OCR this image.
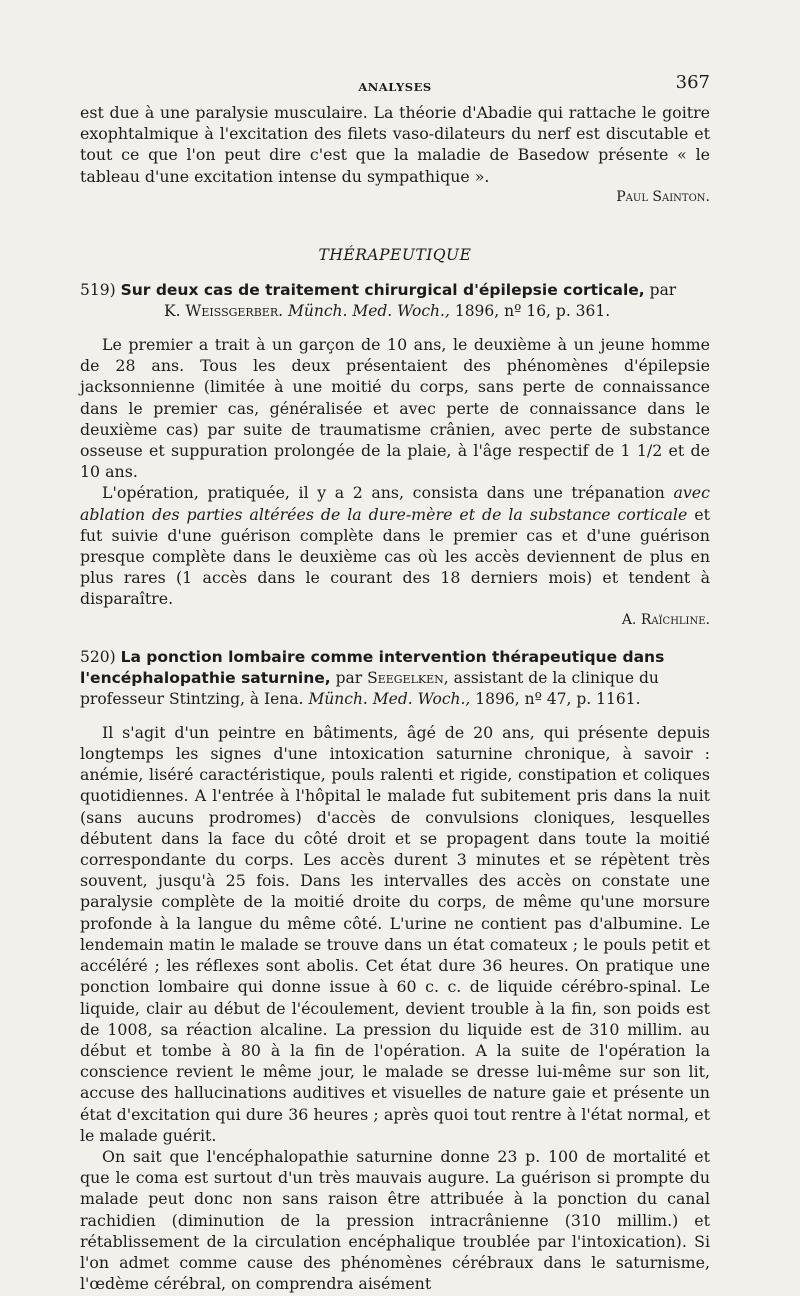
ANALYSES	367

est due à une paralysie musculaire. La théorie d'Abadie qui rattache le goitre exophtalmique à l'excitation des filets vaso-dilateurs du nerf est discutable et tout ce que l'on peut dire c'est que la maladie de Basedow présente « le tableau d'une excitation intense du sympathique ».
Paul Sainton.

THÉRAPEUTIQUE
519) Sur deux cas de traitement chirurgical d'épilepsie corticale, par
K. Weissgerber. Münch. Med. Woch., 1896, nº 16, p. 361.

Le premier a trait à un garçon de 10 ans, le deuxième à un jeune homme de 28 ans. Tous les deux présentaient des phénomènes d'épilepsie jacksonnienne (limitée à une moitié du corps, sans perte de connaissance dans le premier cas, généralisée et avec perte de connaissance dans le deuxième cas) par suite de traumatisme crânien, avec perte de substance osseuse et suppuration prolongée de la plaie, à l'âge respectif de 1 1/2 et de 10 ans.

L'opération, pratiquée, il y a 2 ans, consista dans une trépanation avec ablation des parties altérées de la dure-mère et de la substance corticale et fut suivie d'une guérison complète dans le premier cas et d'une guérison presque complète dans le deuxième cas où les accès deviennent de plus en plus rares (1 accès dans le courant des 18 derniers mois) et tendent à disparaître.
A. Raïchline.

520) La ponction lombaire comme intervention thérapeutique dans l'encéphalopathie saturnine, par Seegelken, assistant de la clinique du professeur Stintzing, à Iena. Münch. Med. Woch., 1896, nº 47, p. 1161.

Il s'agit d'un peintre en bâtiments, âgé de 20 ans, qui présente depuis longtemps les signes d'une intoxication saturnine chronique, à savoir : anémie, liséré caractéristique, pouls ralenti et rigide, constipation et coliques quotidiennes. A l'entrée à l'hôpital le malade fut subitement pris dans la nuit (sans aucuns prodromes) d'accès de convulsions cloniques, lesquelles débutent dans la face du côté droit et se propagent dans toute la moitié correspondante du corps. Les accès durent 3 minutes et se répètent très souvent, jusqu'à 25 fois. Dans les intervalles des accès on constate une paralysie complète de la moitié droite du corps, de même qu'une morsure profonde à la langue du même côté. L'urine ne contient pas d'albumine. Le lendemain matin le malade se trouve dans un état comateux ; le pouls petit et accéléré ; les réflexes sont abolis. Cet état dure 36 heures. On pratique une ponction lombaire qui donne issue à 60 c. c. de liquide cérébro-spinal. Le liquide, clair au début de l'écoulement, devient trouble à la fin, son poids est de 1008, sa réaction alcaline. La pression du liquide est de 310 millim. au début et tombe à 80 à la fin de l'opération. A la suite de l'opération la conscience revient le même jour, le malade se dresse lui-même sur son lit, accuse des hallucinations auditives et visuelles de nature gaie et présente un état d'excitation qui dure 36 heures ; après quoi tout rentre à l'état normal, et le malade guérit.

On sait que l'encéphalopathie saturnine donne 23 p. 100 de mortalité et que le coma est surtout d'un très mauvais augure. La guérison si prompte du malade peut donc non sans raison être attribuée à la ponction du canal rachidien (diminution de la pression intracrânienne (310 millim.) et rétablissement de la circulation encéphalique troublée par l'intoxication). Si l'on admet comme cause des phénomènes cérébraux dans le saturnisme, l'œdème cérébral, on comprendra aisément
